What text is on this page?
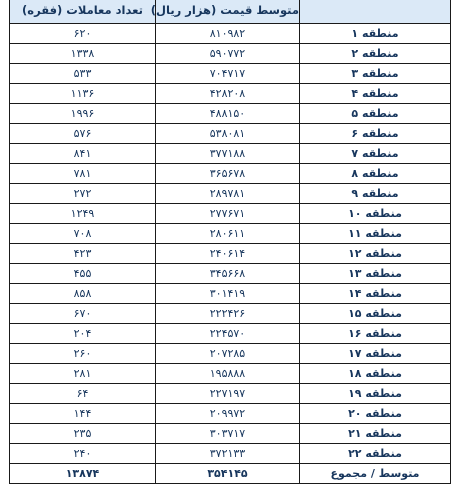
	متوسط قیمت (هزار ریال)	تعداد معاملات (فقره)
منطقه ۱	۸۱۰۹۸۲	۶۲۰
منطقه ۲	۵۹۰۷۷۲	۱۳۳۸
منطقه ۳	۷۰۴۷۱۷	۵۳۳
منطقه ۴	۴۲۸۲۰۸	۱۱۳۶
منطقه ۵	۴۸۸۱۵۰	۱۹۹۶
منطقه ۶	۵۳۸۰۸۱	۵۷۶
منطقه ۷	۳۷۷۱۸۸	۸۴۱
منطقه ۸	۳۶۵۶۷۸	۷۸۱
منطقه ۹	۲۸۹۷۸۱	۲۷۲
منطقه ۱۰	۲۷۷۶۷۱	۱۲۴۹
منطقه ۱۱	۲۸۰۶۱۱	۷۰۸
منطقه ۱۲	۲۴۰۶۱۴	۴۲۳
منطقه ۱۳	۳۴۵۶۶۸	۴۵۵
منطقه ۱۴	۳۰۱۴۱۹	۸۵۸
منطقه ۱۵	۲۲۲۴۲۶	۶۷۰
منطقه ۱۶	۲۲۴۵۷۰	۲۰۴
منطقه ۱۷	۲۰۷۲۸۵	۲۶۰
منطقه ۱۸	۱۹۵۸۸۸	۲۸۱
منطقه ۱۹	۲۲۷۱۹۷	۶۴
منطقه ۲۰	۲۰۹۹۷۲	۱۴۴
منطقه ۲۱	۳۰۳۷۱۷	۲۳۵
منطقه ۲۲	۳۷۲۱۳۳	۲۴۰
متوسط / مجموع	۳۵۴۱۴۵	۱۳۸۷۴
